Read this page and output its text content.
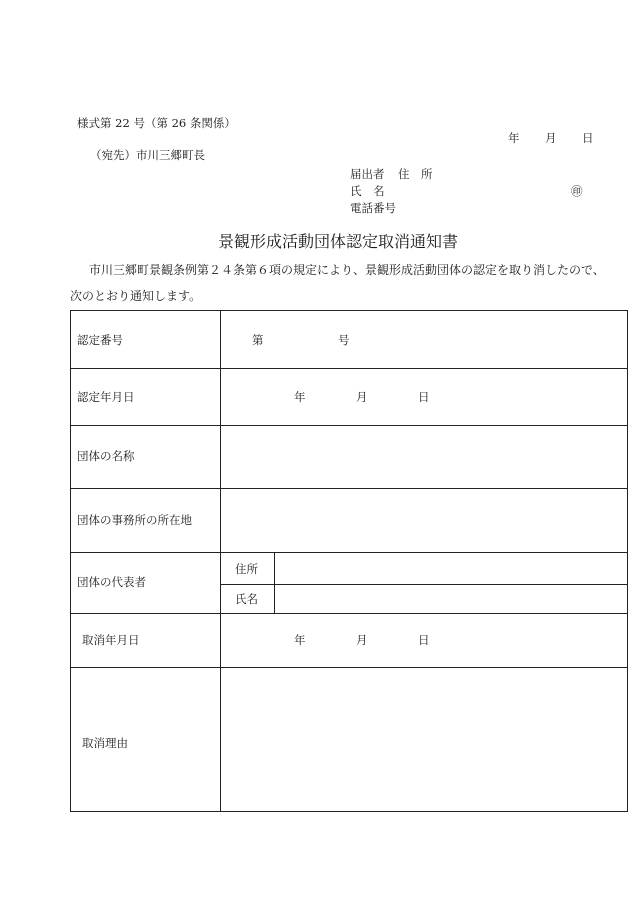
様式第 22 号（第 26 条関係）
年 月 日
（宛先）市川三郷町長
届出者 住　所
氏　名	㊞
電話番号
景観形成活動団体認定取消通知書
市川三郷町景観条例第２４条第６項の規定により、景観形成活動団体の認定を取り消したので、
次のとおり通知します。
認定番号	第	号
認定年月日	年	月	日
団体の名称
団体の事務所の所在地
団体の代表者
住所
氏名
取消年月日	年	月	日
取消理由
